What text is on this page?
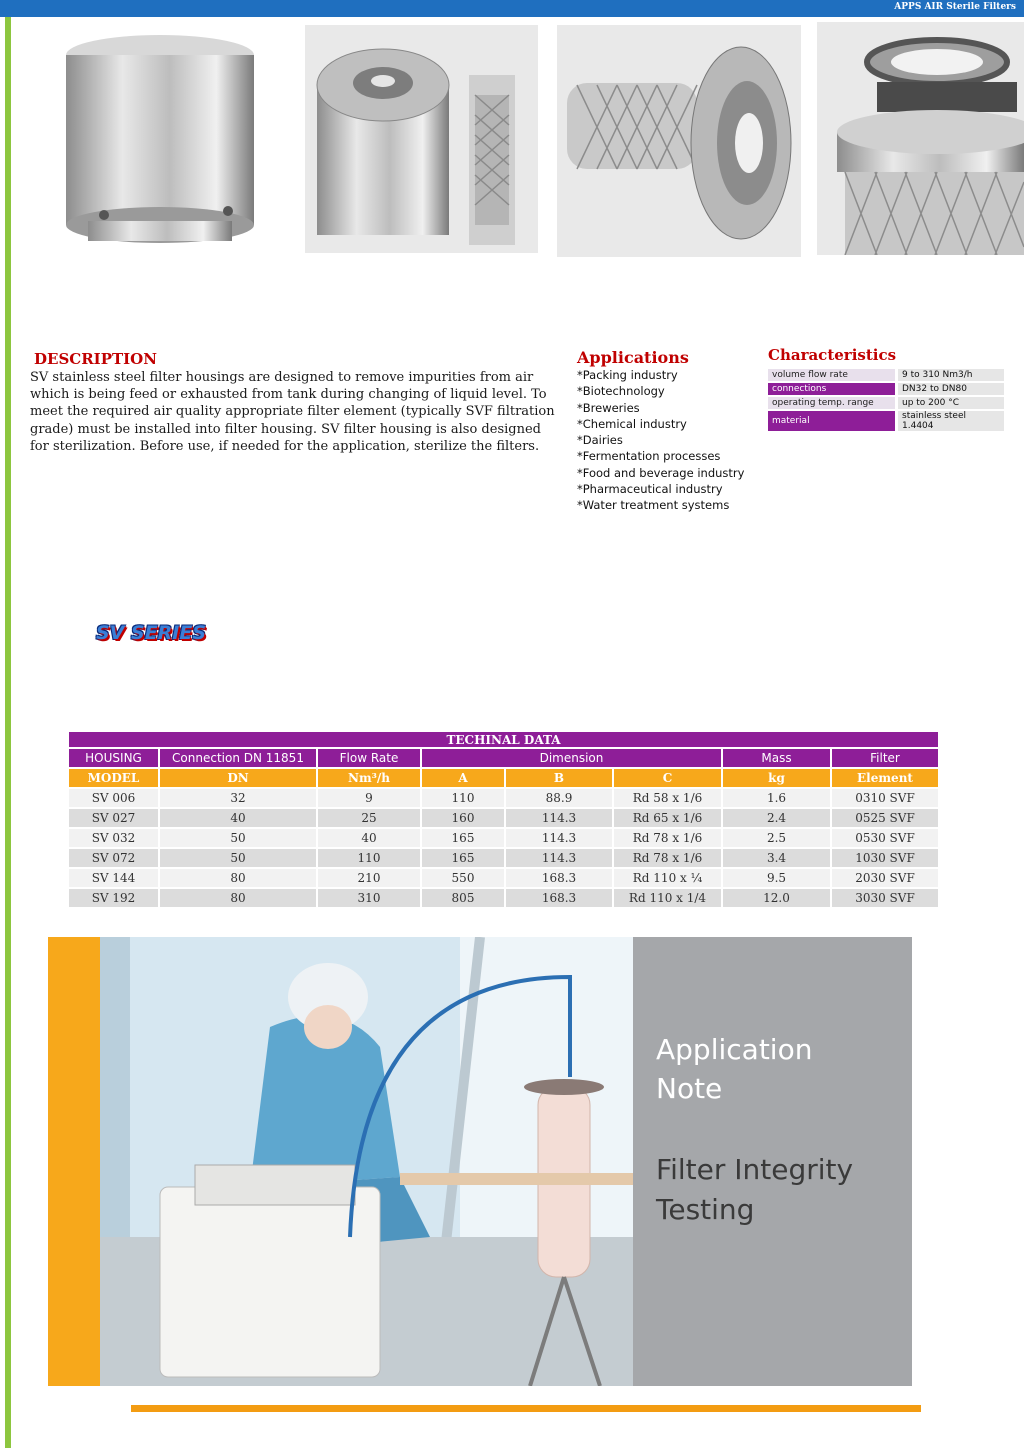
APPS AIR Sterile Filters
DESCRIPTION
SV stainless steel filter housings are designed to remove impurities from air which is being feed or exhausted from tank during changing of liquid level. To meet the required air quality appropriate filter element (typically SVF filtration grade) must be installed into filter housing. SV filter housing is also designed for sterilization. Before use, if needed for the application, sterilize the filters.
Applications
*Packing industry
*Biotechnology
*Breweries
*Chemical industry
*Dairies
*Fermentation processes
*Food and beverage industry
*Pharmaceutical industry
*Water treatment systems
Characteristics
volume flow rate	9 to 310 Nm3/h
connections	DN32 to DN80
operating temp. range	up to 200 °C
material	stainless steel 1.4404
SV SERIES
TECHINAL DATA							
HOUSING	Connection DN 11851	Flow Rate	Dimension			Mass	Filter
MODEL	DN	Nm³/h	A	B	C	kg	Element
SV 006	32	9	110	88.9	Rd 58 x 1/6	1.6	0310 SVF
SV 027	40	25	160	114.3	Rd 65 x 1/6	2.4	0525 SVF
SV 032	50	40	165	114.3	Rd 78 x 1/6	2.5	0530 SVF
SV 072	50	110	165	114.3	Rd 78 x 1/6	3.4	1030 SVF
SV 144	80	210	550	168.3	Rd 110 x ¼	9.5	2030 SVF
SV 192	80	310	805	168.3	Rd 110 x 1/4	12.0	3030 SVF
Application
Note
Filter Integrity
Testing
